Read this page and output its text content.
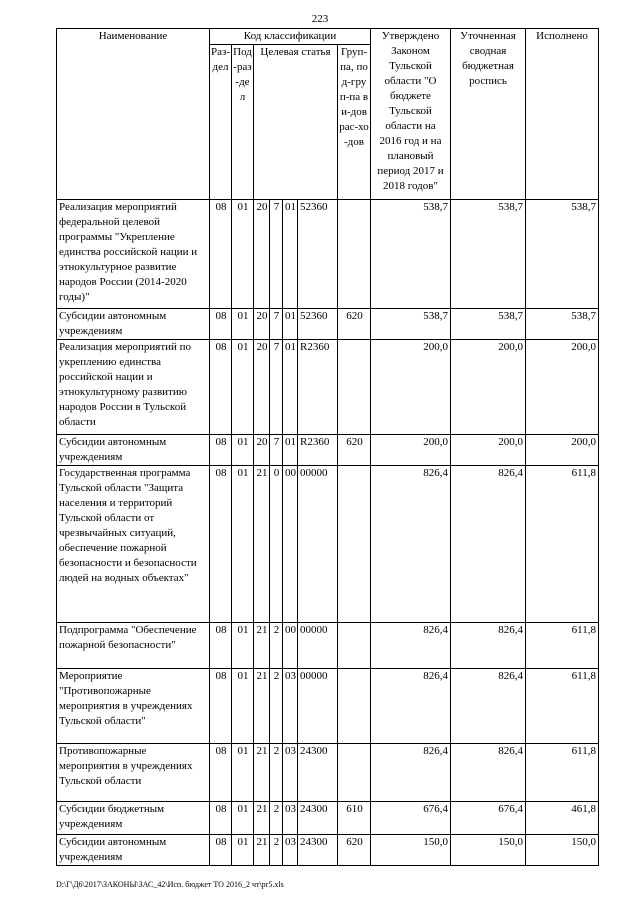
223
Наименование	Код классификации							Утверждено Законом Тульской области "О бюджете Тульской области на 2016 год и на плановый период 2017 и 2018 годов"	Уточненная сводная бюджетная роспись	Исполнено
	Раз-дел	Под-раз-дел	Целевая статья				Груп-па, под-груп-па ви-дов рас-хо-дов			
Реализация мероприятий федеральной целевой программы "Укрепление единства российской нации и этнокультурное развитие народов России (2014-2020 годы)"	08	01	20	7	01	52360		538,7	538,7	538,7
Субсидии автономным учреждениям	08	01	20	7	01	52360	620	538,7	538,7	538,7
Реализация мероприятий по укреплению единства российской нации и этнокультурному развитию народов России в Тульской области	08	01	20	7	01	R2360		200,0	200,0	200,0
Субсидии автономным учреждениям	08	01	20	7	01	R2360	620	200,0	200,0	200,0
Государственная программа Тульской области "Защита населения и территорий Тульской области от чрезвычайных ситуаций, обеспечение пожарной безопасности и безопасности людей на водных объектах"	08	01	21	0	00	00000		826,4	826,4	611,8
Подпрограмма "Обеспечение пожарной безопасности"	08	01	21	2	00	00000		826,4	826,4	611,8
Мероприятие "Противопожарные мероприятия в учреждениях Тульской области"	08	01	21	2	03	00000		826,4	826,4	611,8
Противопожарные мероприятия в учреждениях Тульской области	08	01	21	2	03	24300		826,4	826,4	611,8
Субсидии бюджетным учреждениям	08	01	21	2	03	24300	610	676,4	676,4	461,8
Субсидии автономным учреждениям	08	01	21	2	03	24300	620	150,0	150,0	150,0
D:\Г\Д6\2017\ЗАКОНЫ\ЗАС_42\Исп. бюджет ТО 2016_2 чт\pr5.xls
